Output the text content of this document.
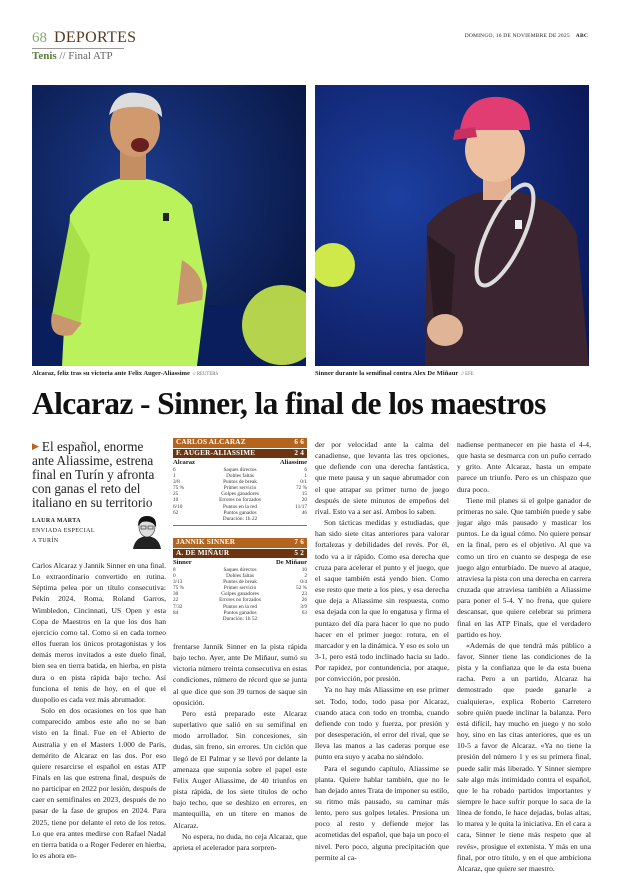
68 DEPORTES
Tenis // Final ATP
DOMINGO, 16 DE NOVIEMBRE DE 2025 ABC
Alcaraz, feliz tras su victoria ante Felix Auger-Aliassime // REUTERS	Sinner durante la semifinal contra Alex De Miñaur // EFE
Alcaraz - Sinner, la final de los maestros
▶ El español, enorme ante Aliassime, estrena final en Turín y afronta con ganas el reto del italiano en su territorio
LAURA MARTA
ENVIADA ESPECIAL
A TURÍN
CARLOS ALCARAZ	6 6
F. AUGER-ALIASSIME	2 4
Alcaraz	Aliassime
6	Saques directos	6
1	Dobles faltas	1
3/8	Puntos de break	0/1
75 %	Primer servicio	72 %
25	Golpes ganadores	15
10	Errores no forzados	20
6/10	Puntos en la red	11/17
62	Puntos ganados	46
Duración: 1h 22
JANNIK SINNER	7 6
A. DE MIÑAUR	5 2
Sinner	De Miñaur
8	Saques directos	10
0	Dobles faltas	2
3/13	Puntos de break	0/4
75 %	Primer servicio	52 %
30	Golpes ganadores	23
22	Errores no forzados	26
7/32	Puntos en la red	3/9
84	Puntos ganados	63
Duración: 1h 52

Carlos Alcaraz y Jannik Sinner en una final. Lo extraordinario convertido en rutina. Séptima pelea por un título consecutiva: Pekín 2024, Roma, Roland Garros, Wimbledon, Cincinnati, US Open y esta Copa de Maestros en la que los dos han ejercicio como tal. Como si en cada torneo ellos fueran los únicos protagonistas y los demás meros invitados a este duelo final, bien sea en tierra batida, en hierba, en pista dura o en pista rápida bajo techo. Así funciona el tenis de hoy, en el que el duopolio es cada vez más abrumador.

Solo en dos ocasiones en los que han comparecido ambos este año no se han visto en la final. Fue en el Abierto de Australia y en el Masters 1.000 de París, demérito de Alcaraz en las dos. Por eso quiere resarcirse el español en estas ATP Finals en las que estrena final, después de no participar en 2022 por lesión, después de caer en semifinales en 2023, después de no pasar de la fase de grupos en 2024. Para 2025, tiene por delante el reto de los retos. Lo que era antes medirse con Rafael Nadal en tierra batida o a Roger Federer en hierba, lo es ahora en-

frentarse Jannik Sinner en la pista rápida bajo techo. Ayer, ante De Miñaur, sumó su victoria número treinta consecutiva en estas condiciones, número de récord que se junta al que dice que son 39 turnos de saque sin oposición.

Pero está preparado este Alcaraz superlativo que salió en su semifinal en modo arrollador. Sin concesiones, sin dudas, sin freno, sin errores. Un ciclón que llegó de El Palmar y se llevó por delante la amenaza que suponía sobre el papel este Felix Auger Aliassime, de 40 triunfos en pista rápida, de los siete títulos de ocho bajo techo, que se deshizo en errores, en mantequilla, en un títere en manos de Alcaraz.

No espera, no duda, no ceja Alcaraz, que aprieta el acelerador para sorpren-

der por velocidad ante la calma del canadiense, que levanta las tres opciones, que defiende con una derecha fantástica, que mete pausa y un saque abrumador con el que atrapar su primer turno de juego después de siete minutos de empeños del rival. Esto va a ser así. Ambos lo saben.

Son tácticas medidas y estudiadas, que han sido siete citas anteriores para valorar fortalezas y debilidades del revés. Por él, todo va a ir rápido. Como esa derecha que cruza para acelerar el punto y el juego, que el saque también está yendo bien. Como ese resto que mete a los pies, y esa derecha que deja a Aliassime sin respuesta, como esa dejada con la que lo engatusa y firma el puntazo del día para hacer lo que no pudo hacer en el primer juego: rotura, en el marcador y en la dinámica. Y eso es solo un 3-1, pero está todo inclinado hacia su lado. Por rapidez, por contundencia, por ataque, por convicción, por presión.

Ya no hay más Aliassime en ese primer set. Todo, todo, todo pasa por Alcaraz, cuando ataca con todo en tromba, cuando defiende con todo y fuerza, por presión y por desesperación, el error del rival, que se lleva las manos a las caderas porque ese punto era suyo y acaba no siéndolo.

Para el segundo capítulo, Aliassime se planta. Quiere hablar también, que no le han dejado antes Trata de imponer su estilo, su ritmo más pausado, su caminar más lento, pero sus golpes letales. Presiona un poco al resto y defiende mejor las acometidas del español, que baja un poco el nivel. Pero poco, alguna precipitación que permite al ca-

nadiense permanecer en pie hasta el 4-4, que hasta se desmarca con un puño cerrado y grito. Ante Alcaraz, hasta un empate parece un triunfo. Pero es un chispazo que dura poco.

Tiene mil planes si el golpe ganador de primeras no sale. Que también puede y sabe jugar algo más pausado y masticar los puntos. Le da igual cómo. No quiere pensar en la final, pero es el objetivo. Al que va como un tiro en cuanto se despega de ese juego algo enturbiado. De nuevo al ataque, atraviesa la pista con una derecha en carrera cruzada que atraviesa también a Aliassime para poner el 5-4. Y no frena, que quiere descansar, que quiere celebrar su primera final en las ATP Finals, que el verdadero partido es hoy.

«Además de que tendrá más público a favor, Sinner tiene las condiciones de la pista y la confianza que le da esta buena racha. Pero a un partido, Alcaraz ha demostrado que puede ganarle a cualquiera», explica Roberto Carretero sobre quién puede inclinar la balanza. Pero está difícil, hay mucho en juego y no solo hoy, sino en las citas anteriores, que es un 10-5 a favor de Alcaraz. «Ya no tiene la presión del número 1 y es su primera final, puede salir más liberado. Y Sinner siempre sale algo más intimidado contra el español, que le ha robado partidos importantes y siempre le hace sufrir porque lo saca de la línea de fondo, le hace dejadas, bolas altas, lo marea y le quita la iniciativa. En el cara a cara, Sinner le tiene más respeto que al revés», prosigue el extenista. Y más en una final, por otro título, y en el que ambiciona Alcaraz, que quiere ser maestro.
